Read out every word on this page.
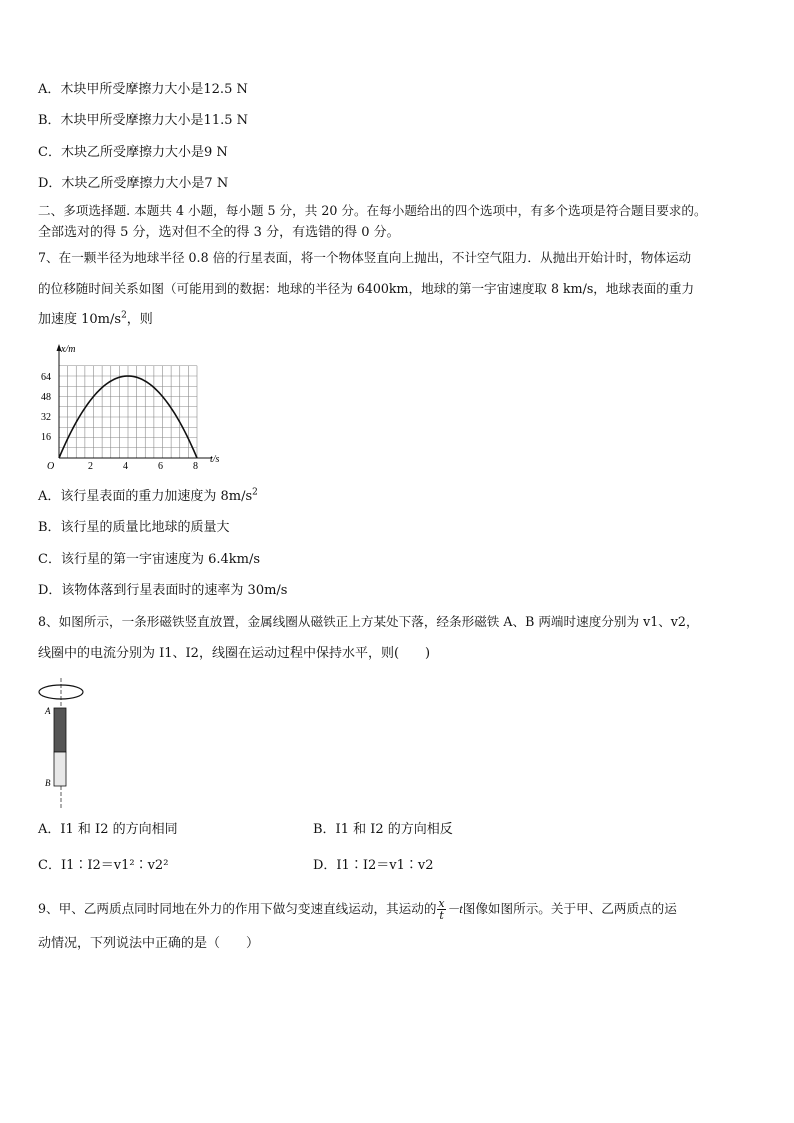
A．木块甲所受摩擦力大小是12.5 N
B．木块甲所受摩擦力大小是11.5 N
C．木块乙所受摩擦力大小是9 N
D．木块乙所受摩擦力大小是7 N
二、多项选择题. 本题共 4 小题，每小题 5 分，共 20 分。在每小题给出的四个选项中，有多个选项是符合题目要求的。
全部选对的得 5 分，选对但不全的得 3 分，有选错的得 0 分。
7、在一颗半径为地球半径 0.8 倍的行星表面，将一个物体竖直向上抛出，不计空气阻力．从抛出开始计时，物体运动
的位移随时间关系如图（可能用到的数据：地球的半径为 6400km，地球的第一宇宙速度取 8 km/s，地球表面的重力
加速度 $10m/s^2$，则
x/m
t/s
O
16
32
48
64
2	4	6	8
A．该行星表面的重力加速度为 $8m/s^2$
B．该行星的质量比地球的质量大
C．该行星的第一宇宙速度为 6.4km/s
D．该物体落到行星表面时的速率为 30m/s
8、如图所示，一条形磁铁竖直放置，金属线圈从磁铁正上方某处下落，经条形磁铁 A、B 两端时速度分别为 v1、v2，
线圈中的电流分别为 I1、I2，线圈在运动过程中保持水平，则(　　)
A
B
A．I1 和 I2 的方向相同	B．I1 和 I2 的方向相反
C．I1∶I2＝v1²∶v2²	D．I1∶I2＝v1∶v2
9、甲、乙两质点同时同地在外力的作用下做匀变速直线运动，其运动的 $\frac{x}{t} -t$图像如图所示。关于甲、乙两质点的运
动情况，下列说法中正确的是（　　）
